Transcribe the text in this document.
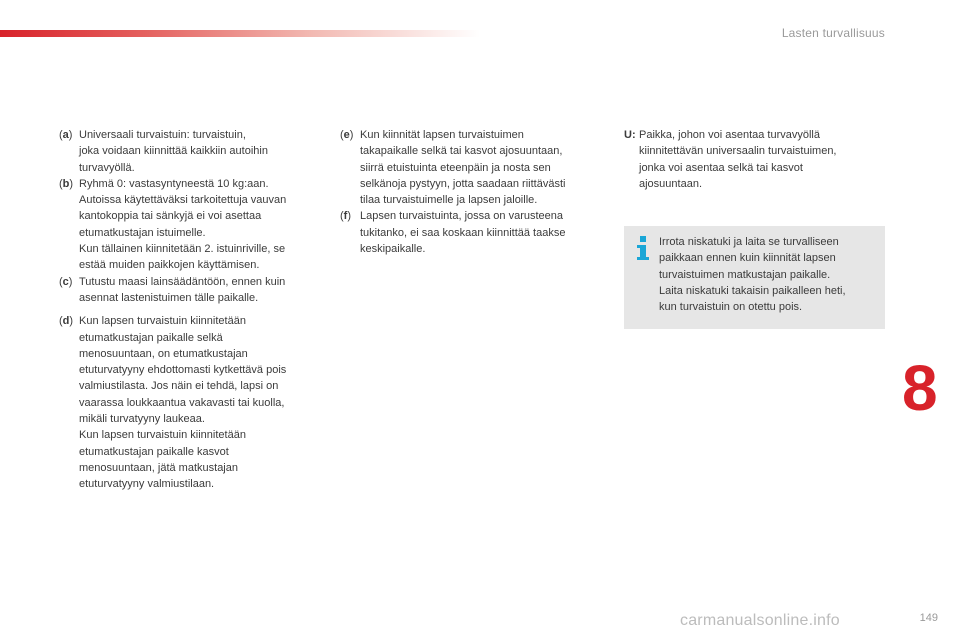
Lasten turvallisuus
(a) Universaali turvaistuin: turvaistuin,
joka voidaan kiinnittää kaikkiin autoihin
turvavyöllä.
(b) Ryhmä 0: vastasyntyneestä 10 kg:aan.
Autoissa käytettäväksi tarkoitettuja vauvan
kantokoppia tai sänkyjä ei voi asettaa
etumatkustajan istuimelle.
Kun tällainen kiinnitetään 2. istuinriville, se
estää muiden paikkojen käyttämisen.
(c) Tutustu maasi lainsäädäntöön, ennen kuin
asennat lastenistuimen tälle paikalle.
(d) Kun lapsen turvaistuin kiinnitetään
etumatkustajan paikalle selkä
menosuuntaan, on etumatkustajan
etuturvatyyny ehdottomasti kytkettävä pois
valmiustilasta. Jos näin ei tehdä, lapsi on
vaarassa loukkaantua vakavasti tai kuolla,
mikäli turvatyyny laukeaa.
Kun lapsen turvaistuin kiinnitetään
etumatkustajan paikalle kasvot
menosuuntaan, jätä matkustajan
etuturvatyyny valmiustilaan.
(e) Kun kiinnität lapsen turvaistuimen
takapaikalle selkä tai kasvot ajosuuntaan,
siirrä etuistuinta eteenpäin ja nosta sen
selkänoja pystyyn, jotta saadaan riittävästi
tilaa turvaistuimelle ja lapsen jaloille.
(f) Lapsen turvaistuinta, jossa on varusteena
tukitanko, ei saa koskaan kiinnittää taakse
keskipaikalle.
U: Paikka, johon voi asentaa turvavyöllä
kiinnitettävän universaalin turvaistuimen,
jonka voi asentaa selkä tai kasvot
ajosuuntaan.
Irrota niskatuki ja laita se turvalliseen
paikkaan ennen kuin kiinnität lapsen
turvaistuimen matkustajan paikalle.
Laita niskatuki takaisin paikalleen heti,
kun turvaistuin on otettu pois.
8
carmanualsonline.info	149
